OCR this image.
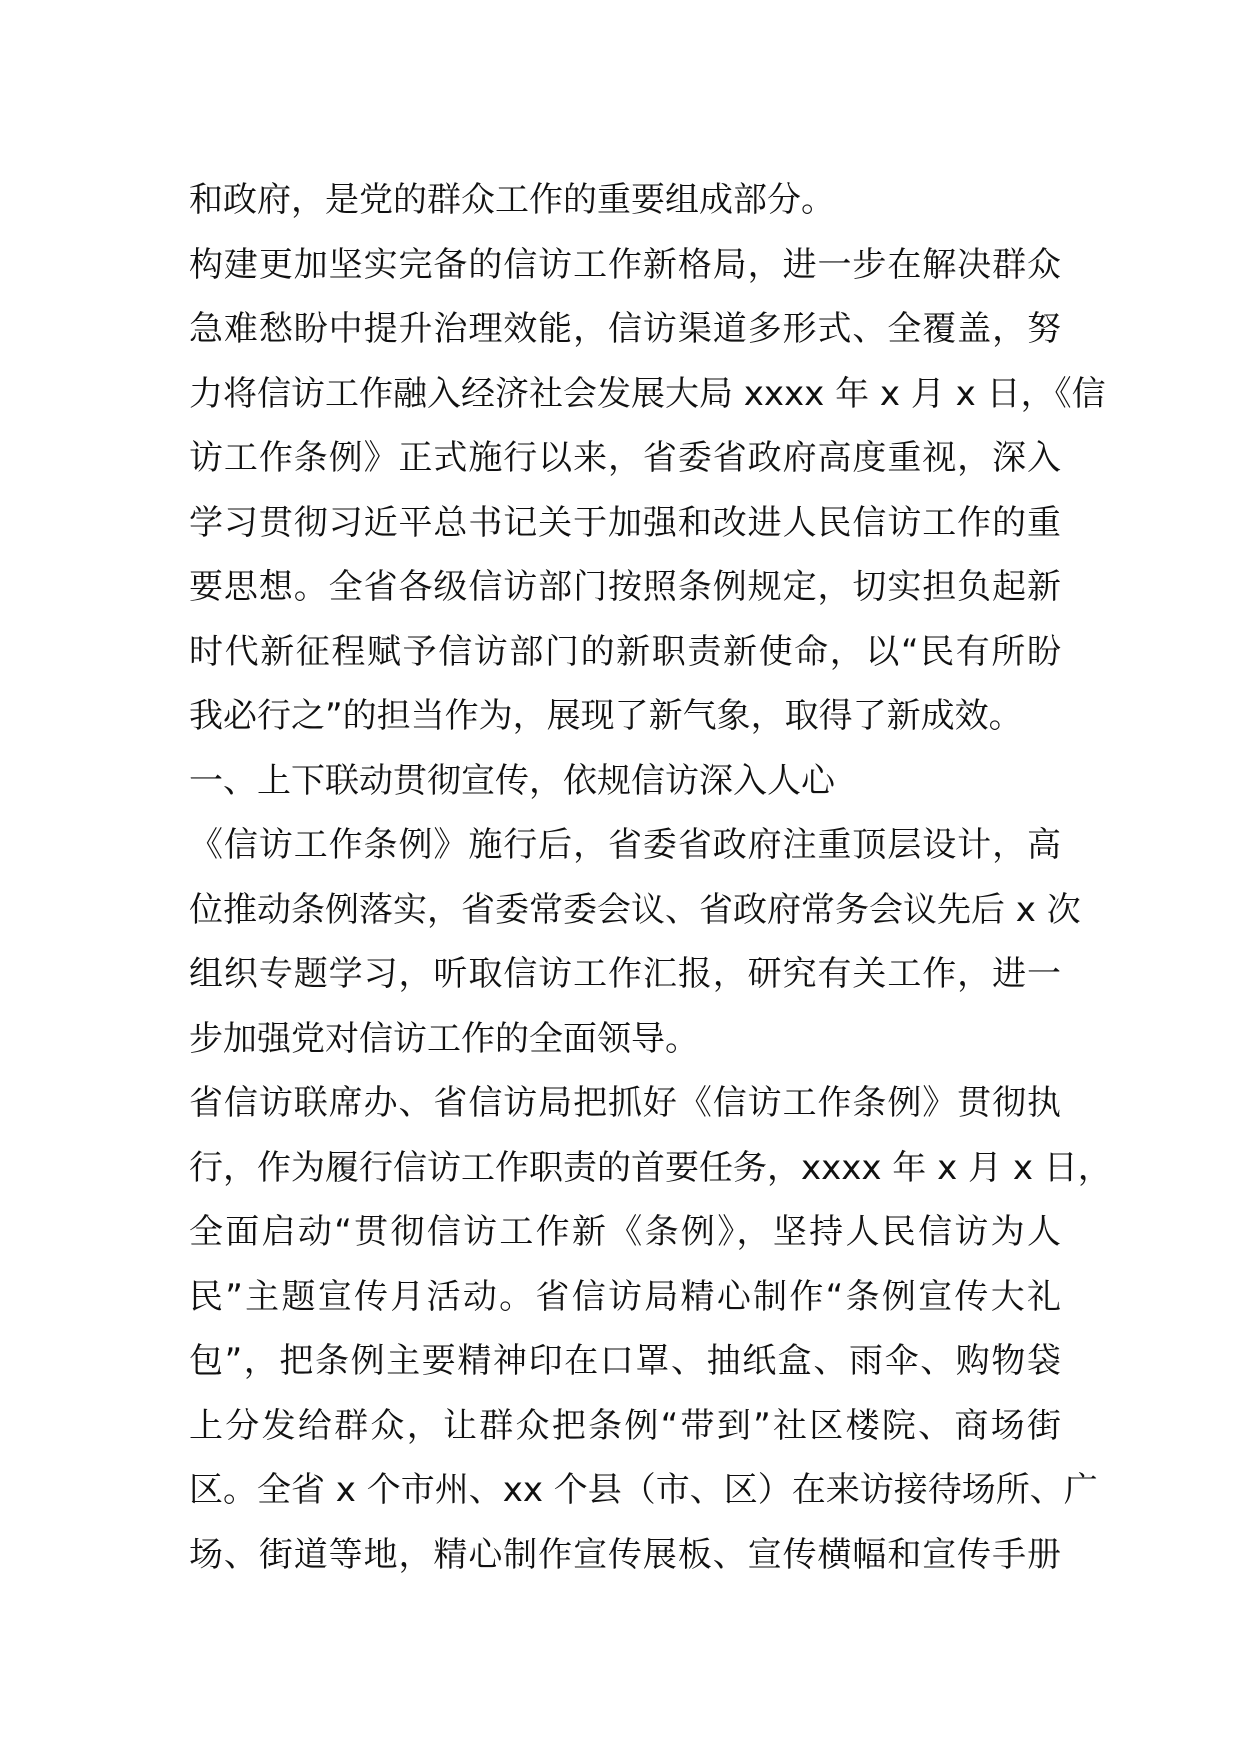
和政府，是党的群众工作的重要组成部分。
构建更加坚实完备的信访工作新格局，进一步在解决群众
急难愁盼中提升治理效能，信访渠道多形式、全覆盖，努
力将信访工作融入经济社会发展大局 xxxx 年 x 月 x 日，《信
访工作条例》正式施行以来，省委省政府高度重视，深入
学习贯彻习近平总书记关于加强和改进人民信访工作的重
要思想。全省各级信访部门按照条例规定，切实担负起新
时代新征程赋予信访部门的新职责新使命，以“民有所盼
我必行之”的担当作为，展现了新气象，取得了新成效。
一、上下联动贯彻宣传，依规信访深入人心
《信访工作条例》施行后，省委省政府注重顶层设计，高
位推动条例落实，省委常委会议、省政府常务会议先后 x 次
组织专题学习，听取信访工作汇报，研究有关工作，进一
步加强党对信访工作的全面领导。
省信访联席办、省信访局把抓好《信访工作条例》贯彻执
行，作为履行信访工作职责的首要任务，xxxx 年 x 月 x 日，
全面启动“贯彻信访工作新《条例》，坚持人民信访为人
民”主题宣传月活动。省信访局精心制作“条例宣传大礼
包”，把条例主要精神印在口罩、抽纸盒、雨伞、购物袋
上分发给群众，让群众把条例“带到”社区楼院、商场街
区。全省 x 个市州、xx 个县（市、区）在来访接待场所、广
场、街道等地，精心制作宣传展板、宣传横幅和宣传手册
